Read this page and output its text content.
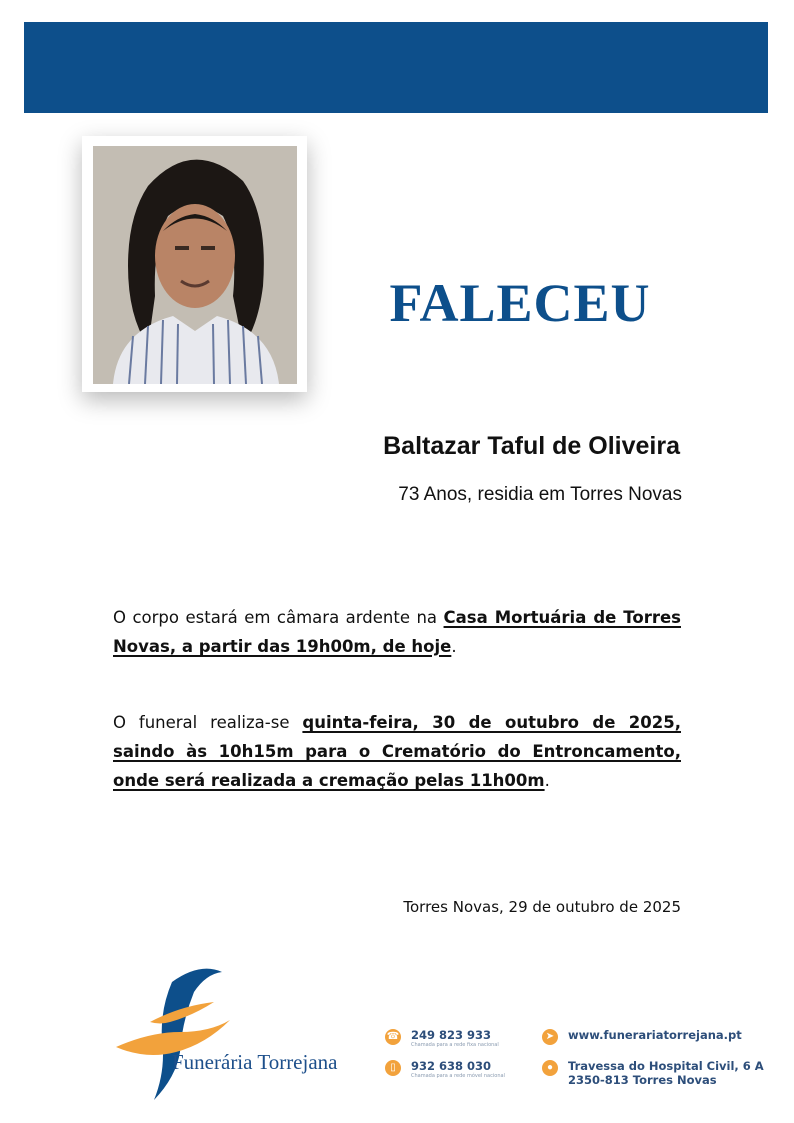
FALECEU
Baltazar Taful de Oliveira
73 Anos, residia em Torres Novas
O corpo estará em câmara ardente na Casa Mortuária de Torres Novas, a partir das 19h00m, de hoje.
O funeral realiza-se quinta-feira, 30 de outubro de 2025, saindo às 10h15m para o Crematório do Entroncamento, onde será realizada a cremação pelas 11h00m.
Torres Novas, 29 de outubro de 2025
Funerária Torrejana
☎ 249 823 933
Chamada para a rede fixa nacional
▯	932 638 030
Chamada para a rede móvel nacional
➤	www.funerariatorrejana.pt
●	Travessa do Hospital Civil, 6 A
2350-813 Torres Novas
